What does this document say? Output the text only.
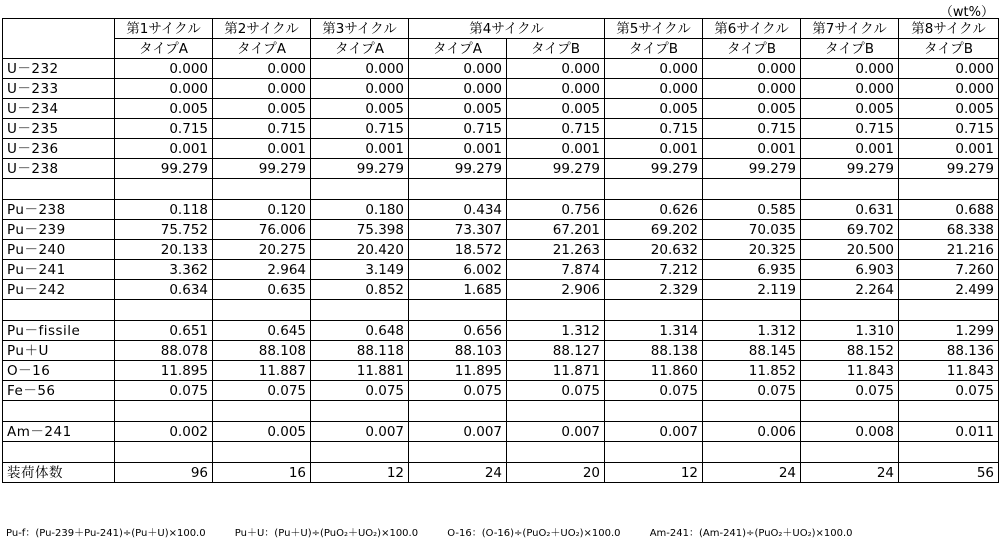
（wt%）
	第1サイクル	第2サイクル	第3サイクル	第4サイクル		第5サイクル	第6サイクル	第7サイクル	第8サイクル
	タイプA	タイプA	タイプA	タイプA	タイプB	タイプB	タイプB	タイプB	タイプB
U－232	0.000	0.000	0.000	0.000	0.000	0.000	0.000	0.000	0.000
U－233	0.000	0.000	0.000	0.000	0.000	0.000	0.000	0.000	0.000
U－234	0.005	0.005	0.005	0.005	0.005	0.005	0.005	0.005	0.005
U－235	0.715	0.715	0.715	0.715	0.715	0.715	0.715	0.715	0.715
U－236	0.001	0.001	0.001	0.001	0.001	0.001	0.001	0.001	0.001
U－238	99.279	99.279	99.279	99.279	99.279	99.279	99.279	99.279	99.279

Pu－238	0.118	0.120	0.180	0.434	0.756	0.626	0.585	0.631	0.688
Pu－239	75.752	76.006	75.398	73.307	67.201	69.202	70.035	69.702	68.338
Pu－240	20.133	20.275	20.420	18.572	21.263	20.632	20.325	20.500	21.216
Pu－241	3.362	2.964	3.149	6.002	7.874	7.212	6.935	6.903	7.260
Pu－242	0.634	0.635	0.852	1.685	2.906	2.329	2.119	2.264	2.499

Pu－fissile	0.651	0.645	0.648	0.656	1.312	1.314	1.312	1.310	1.299
Pu＋U	88.078	88.108	88.118	88.103	88.127	88.138	88.145	88.152	88.136
O－16	11.895	11.887	11.881	11.895	11.871	11.860	11.852	11.843	11.843
Fe－56	0.075	0.075	0.075	0.075	0.075	0.075	0.075	0.075	0.075

Am－241	0.002	0.005	0.007	0.007	0.007	0.007	0.006	0.008	0.011

装荷体数	96	16	12	24	20	12	24	24	56
Pu-f：(Pu-239＋Pu-241)÷(Pu＋U)×100.0	Pu＋U：(Pu＋U)÷(PuO₂＋UO₂)×100.0	O-16：(O-16)÷(PuO₂＋UO₂)×100.0	Am-241：(Am-241)÷(PuO₂＋UO₂)×100.0
